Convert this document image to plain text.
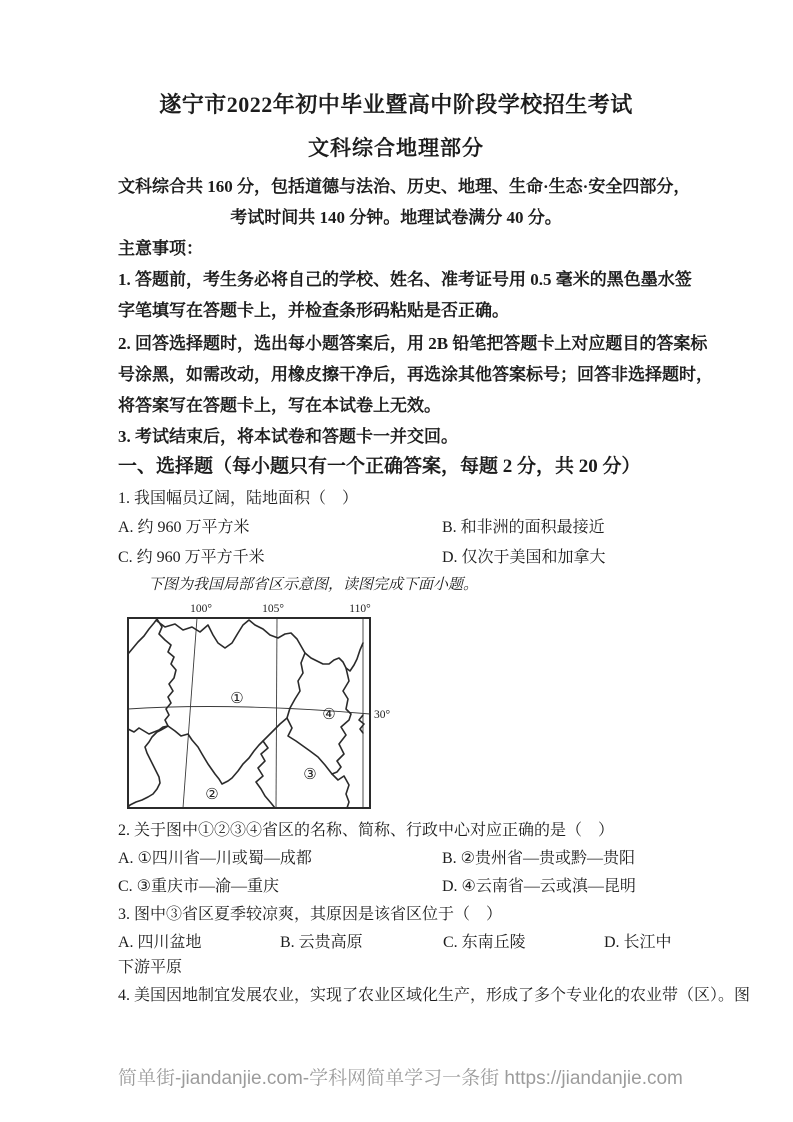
遂宁市2022年初中毕业暨高中阶段学校招生考试
文科综合地理部分
文科综合共 160 分，包括道德与法治、历史、地理、生命·生态·安全四部分，
考试时间共 140 分钟。地理试卷满分 40 分。
主意事项：
1. 答题前，考生务必将自己的学校、姓名、准考证号用 0.5 毫米的黑色墨水签
字笔填写在答题卡上，并检查条形码粘贴是否正确。
2. 回答选择题时，选出每小题答案后，用 2B 铅笔把答题卡上对应题目的答案标
号涂黑，如需改动，用橡皮擦干净后，再选涂其他答案标号；回答非选择题时，
将答案写在答题卡上，写在本试卷上无效。
3. 考试结束后，将本试卷和答题卡一并交回。
一、选择题（每小题只有一个正确答案，每题 2 分，共 20 分）
1. 我国幅员辽阔，陆地面积（　）
A. 约 960 万平方米	B. 和非洲的面积最接近
C. 约 960 万平方千米	D. 仅次于美国和加拿大
下图为我国局部省区示意图，读图完成下面小题。
100°	105°	110°
30°
①
②
③
④
2. 关于图中①②③④省区的名称、简称、行政中心对应正确的是（　）
A. ①四川省—川或蜀—成都	B. ②贵州省—贵或黔—贵阳
C. ③重庆市—渝—重庆	D. ④云南省—云或滇—昆明
3. 图中③省区夏季较凉爽，其原因是该省区位于（　）
A. 四川盆地	B. 云贵高原	C. 东南丘陵	D. 长江中
下游平原
4. 美国因地制宜发展农业，实现了农业区域化生产，形成了多个专业化的农业带（区）。图
简单街-jiandanjie.com-学科网简单学习一条街 https://jiandanjie.com
